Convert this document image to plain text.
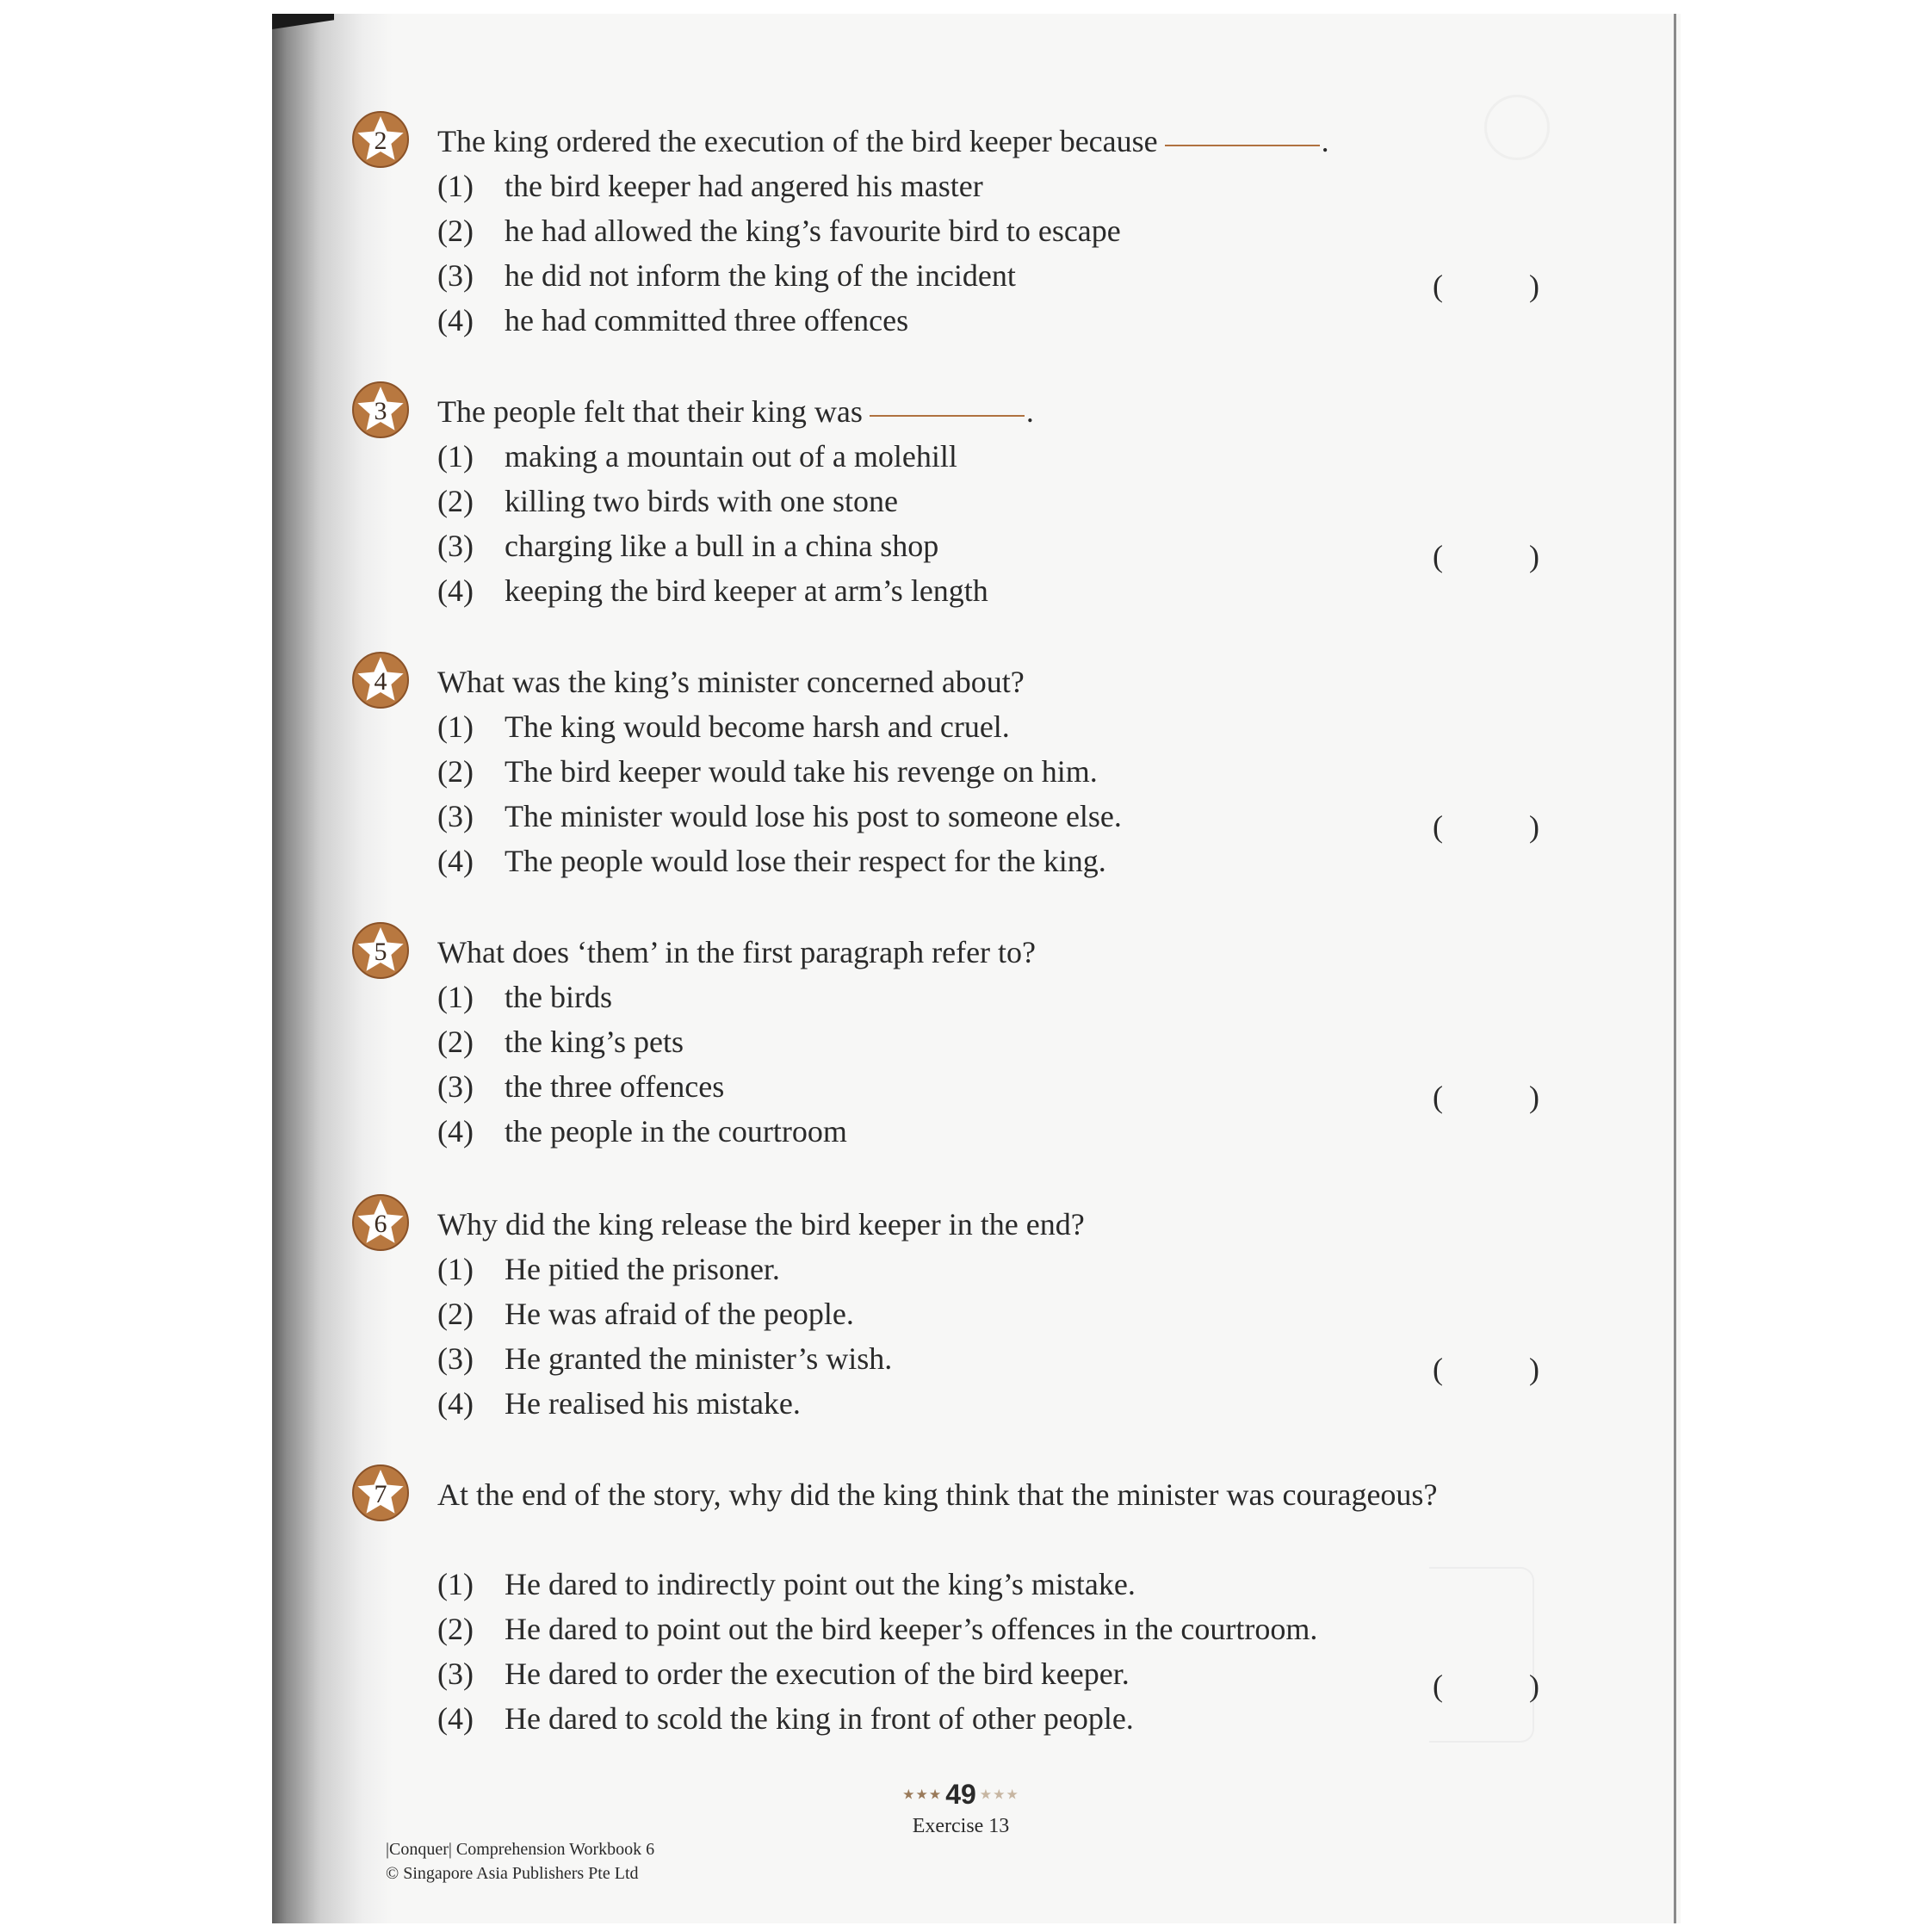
2 The king ordered the execution of the bird keeper because	.
(1)	the bird keeper had angered his master
(2)	he had allowed the king’s favourite bird to escape
(3)	he did not inform the king of the incident
(4)	he had committed three offences
(	)
3 The people felt that their king was	.
(1)	making a mountain out of a molehill
(2)	killing two birds with one stone
(3)	charging like a bull in a china shop
(4)	keeping the bird keeper at arm’s length
(	)
4 What was the king’s minister concerned about?
(1)	The king would become harsh and cruel.
(2)	The bird keeper would take his revenge on him.
(3)	The minister would lose his post to someone else.
(4)	The people would lose their respect for the king.
(	)
5 What does ‘them’ in the first paragraph refer to?
(1)	the birds
(2)	the king’s pets
(3)	the three offences
(4)	the people in the courtroom
(	)
6 Why did the king release the bird keeper in the end?
(1)	He pitied the prisoner.
(2)	He was afraid of the people.
(3)	He granted the minister’s wish.
(4)	He realised his mistake.
(	)
7 At the end of the story, why did the king think that the minister was courageous?
(1)	He dared to indirectly point out the king’s mistake.
(2)	He dared to point out the bird keeper’s offences in the courtroom.
(3)	He dared to order the execution of the bird keeper.
(4)	He dared to scold the king in front of other people.
(	)
★★★ 49 ★★★
Exercise 13
|Conquer| Comprehension Workbook 6
© Singapore Asia Publishers Pte Ltd
